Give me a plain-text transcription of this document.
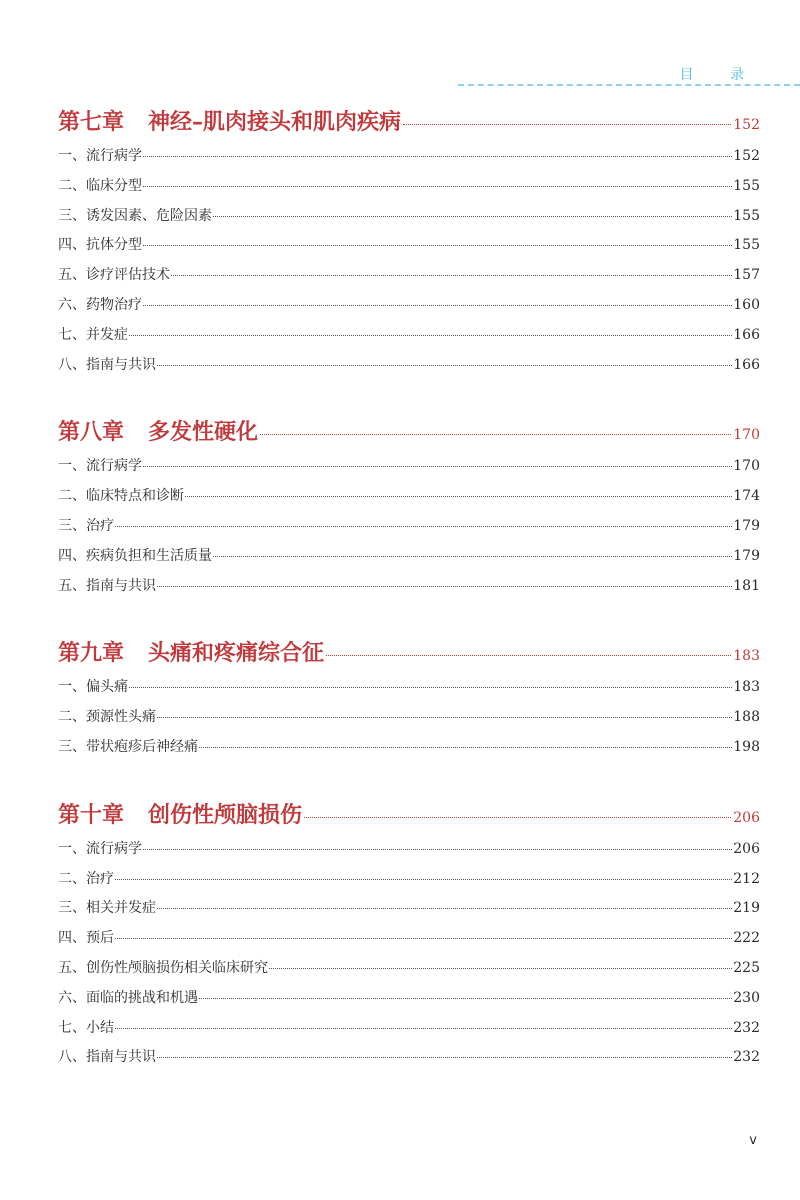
目 录
第七章 神经–肌肉接头和肌肉疾病	152
一、流行病学	152
二、临床分型	155
三、诱发因素、危险因素	155
四、抗体分型	155
五、诊疗评估技术	157
六、药物治疗	160
七、并发症	166
八、指南与共识	166
第八章 多发性硬化	170
一、流行病学	170
二、临床特点和诊断	174
三、治疗	179
四、疾病负担和生活质量	179
五、指南与共识	181
第九章 头痛和疼痛综合征	183
一、偏头痛	183
二、颈源性头痛	188
三、带状疱疹后神经痛	198
第十章 创伤性颅脑损伤	206
一、流行病学	206
二、治疗	212
三、相关并发症	219
四、预后	222
五、创伤性颅脑损伤相关临床研究	225
六、面临的挑战和机遇	230
七、小结	232
八、指南与共识	232
v
